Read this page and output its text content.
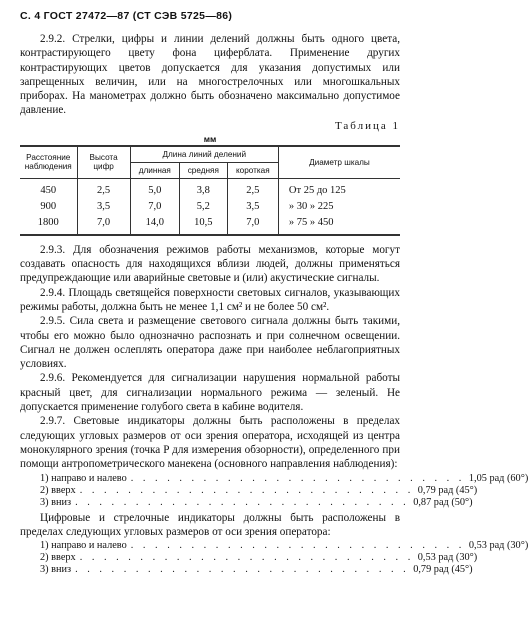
С. 4 ГОСТ 27472—87 (СТ СЭВ 5725—86)

2.9.2. Стрелки, цифры и линии делений должны быть одного цвета, контрастирующего цвету фона циферблата. Применение других контрастирующих цветов допускается для указания допустимых или запрещенных величин, или на многострелочных или многошкальных приборах. На манометрах должно быть обозначено максимально допустимое давление.

Таблица 1
мм
Расстояние наблюдения	Высота цифр	Длина линий делений			Диаметр шкалы
		длинная	средняя	короткая	
450	2,5	5,0	3,8	2,5	От 25 до 125
900	3,5	7,0	5,2	3,5	» 30 » 225
1800	7,0	14,0	10,5	7,0	» 75 » 450

2.9.3. Для обозначения режимов работы механизмов, которые могут создавать опасность для находящихся вблизи людей, должны применяться предупреждающие или аварийные световые и (или) акустические сигналы.

2.9.4. Площадь светящейся поверхности световых сигналов, указывающих режимы работы, должна быть не менее 1,1 см² и не более 50 см².

2.9.5. Сила света и размещение светового сигнала должны быть такими, чтобы его можно было однозначно распознать и при солнечном освещении. Сигнал не должен ослеплять оператора даже при наиболее неблагоприятных условиях.

2.9.6. Рекомендуется для сигнализации нарушения нормальной работы красный цвет, для сигнализации нормального режима — зеленый. Не допускается применение голубого света в кабине водителя.

2.9.7. Световые индикаторы должны быть расположены в пределах следующих угловых размеров от оси зрения оператора, исходящей из центра монокулярного зрения (точка P для измерения обзорности), определенного при помощи антропометрического манекена (основного направления наблюдения):

1) направо и налево . . . . . . . . . . . . . . . . . . . . . . . . . . . . 1,05 рад (60°)
2) вверх . . . . . . . . . . . . . . . . . . . . . . . . . . . . 0,79 рад (45°)
3) вниз . . . . . . . . . . . . . . . . . . . . . . . . . . . . 0,87 рад (50°)

Цифровые и стрелочные индикаторы должны быть расположены в пределах следующих угловых размеров от оси зрения оператора:

1) направо и налево . . . . . . . . . . . . . . . . . . . . . . . . . . . . 0,53 рад (30°)
2) вверх . . . . . . . . . . . . . . . . . . . . . . . . . . . . 0,53 рад (30°)
3) вниз . . . . . . . . . . . . . . . . . . . . . . . . . . . . 0,79 рад (45°)
